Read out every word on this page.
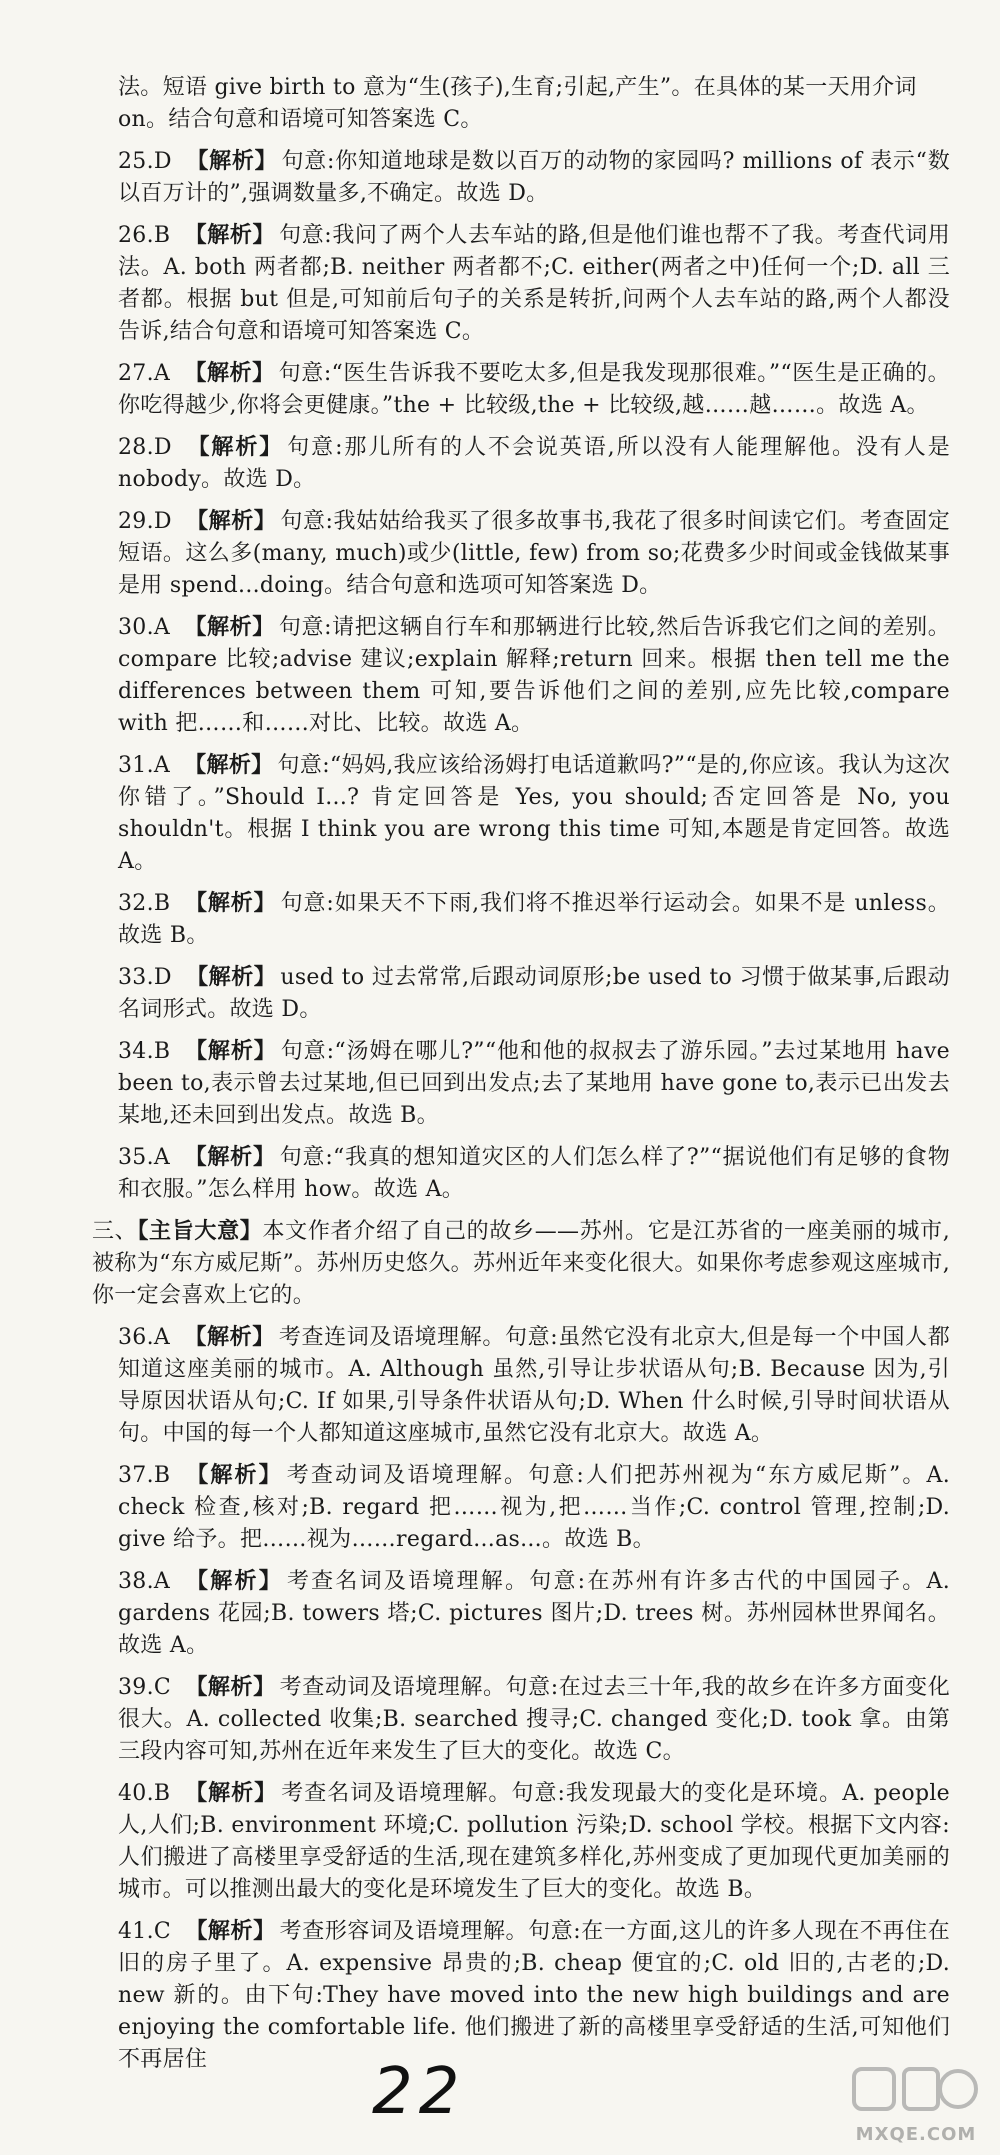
法。短语 give birth to 意为“生(孩子),生育;引起,产生”。在具体的某一天用介词 on。结合句意和语境可知答案选 C。
25.D 【解析】 句意:你知道地球是数以百万的动物的家园吗? millions of 表示“数以百万计的”,强调数量多,不确定。故选 D。
26.B 【解析】 句意:我问了两个人去车站的路,但是他们谁也帮不了我。考查代词用法。A. both 两者都;B. neither 两者都不;C. either(两者之中)任何一个;D. all 三者都。根据 but 但是,可知前后句子的关系是转折,问两个人去车站的路,两个人都没告诉,结合句意和语境可知答案选 C。
27.A 【解析】 句意:“医生告诉我不要吃太多,但是我发现那很难。”“医生是正确的。你吃得越少,你将会更健康。”the + 比较级,the + 比较级,越……越……。故选 A。
28.D 【解析】 句意:那儿所有的人不会说英语,所以没有人能理解他。没有人是 nobody。故选 D。
29.D 【解析】 句意:我姑姑给我买了很多故事书,我花了很多时间读它们。考查固定短语。这么多(many, much)或少(little, few) from so;花费多少时间或金钱做某事是用 spend...doing。结合句意和选项可知答案选 D。
30.A 【解析】 句意:请把这辆自行车和那辆进行比较,然后告诉我它们之间的差别。compare 比较;advise 建议;explain 解释;return 回来。根据 then tell me the differences between them 可知,要告诉他们之间的差别,应先比较,compare with 把……和……对比、比较。故选 A。
31.A 【解析】 句意:“妈妈,我应该给汤姆打电话道歉吗?”“是的,你应该。我认为这次你错了。”Should I...? 肯定回答是 Yes, you should;否定回答是 No, you shouldn't。根据 I think you are wrong this time 可知,本题是肯定回答。故选 A。
32.B 【解析】 句意:如果天不下雨,我们将不推迟举行运动会。如果不是 unless。故选 B。
33.D 【解析】 used to 过去常常,后跟动词原形;be used to 习惯于做某事,后跟动名词形式。故选 D。
34.B 【解析】 句意:“汤姆在哪儿?”“他和他的叔叔去了游乐园。”去过某地用 have been to,表示曾去过某地,但已回到出发点;去了某地用 have gone to,表示已出发去某地,还未回到出发点。故选 B。
35.A 【解析】 句意:“我真的想知道灾区的人们怎么样了?”“据说他们有足够的食物和衣服。”怎么样用 how。故选 A。
三、【主旨大意】本文作者介绍了自己的故乡——苏州。它是江苏省的一座美丽的城市,被称为“东方威尼斯”。苏州历史悠久。苏州近年来变化很大。如果你考虑参观这座城市,你一定会喜欢上它的。
36.A 【解析】 考查连词及语境理解。句意:虽然它没有北京大,但是每一个中国人都知道这座美丽的城市。A. Although 虽然,引导让步状语从句;B. Because 因为,引导原因状语从句;C. If 如果,引导条件状语从句;D. When 什么时候,引导时间状语从句。中国的每一个人都知道这座城市,虽然它没有北京大。故选 A。
37.B 【解析】 考查动词及语境理解。句意:人们把苏州视为“东方威尼斯”。A. check 检查,核对;B. regard 把……视为,把……当作;C. control 管理,控制;D. give 给予。把……视为……regard...as...。故选 B。
38.A 【解析】 考查名词及语境理解。句意:在苏州有许多古代的中国园子。A. gardens 花园;B. towers 塔;C. pictures 图片;D. trees 树。苏州园林世界闻名。故选 A。
39.C 【解析】 考查动词及语境理解。句意:在过去三十年,我的故乡在许多方面变化很大。A. collected 收集;B. searched 搜寻;C. changed 变化;D. took 拿。由第三段内容可知,苏州在近年来发生了巨大的变化。故选 C。
40.B 【解析】 考查名词及语境理解。句意:我发现最大的变化是环境。A. people 人,人们;B. environment 环境;C. pollution 污染;D. school 学校。根据下文内容:人们搬进了高楼里享受舒适的生活,现在建筑多样化,苏州变成了更加现代更加美丽的城市。可以推测出最大的变化是环境发生了巨大的变化。故选 B。
41.C 【解析】 考查形容词及语境理解。句意:在一方面,这儿的许多人现在不再住在旧的房子里了。A. expensive 昂贵的;B. cheap 便宜的;C. old 旧的,古老的;D. new 新的。由下句:They have moved into the new high buildings and are enjoying the comfortable life. 他们搬进了新的高楼里享受舒适的生活,可知他们不再居住	22
MXQE.COM
